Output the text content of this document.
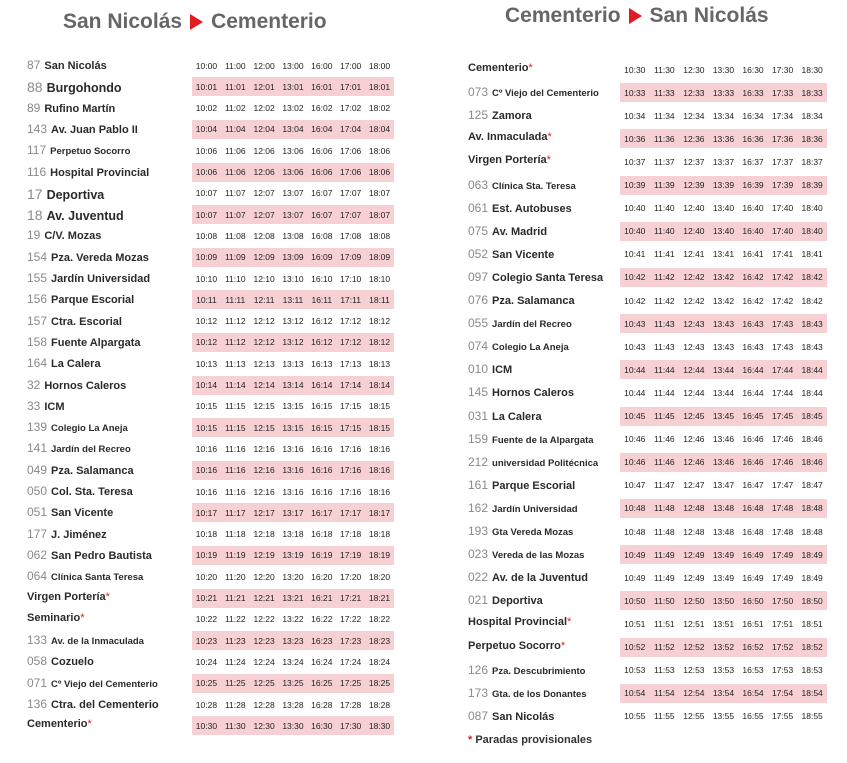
San Nicolás Cementerio	Cementerio San Nicolás
87 San Nicolás	10:00 11:00 12:00 13:00 16:00 17:00 18:00
88 Burgohondo	10:01 11:01 12:01 13:01 16:01 17:01 18:01
89 Rufino Martín	10:02 11:02 12:02 13:02 16:02 17:02 18:02
143 Av. Juan Pablo II	10:04 11:04 12:04 13:04 16:04 17:04 18:04
117 Perpetuo Socorro	10:06 11:06 12:06 13:06 16:06 17:06 18:06
116 Hospital Provincial	10:06 11:06 12:06 13:06 16:06 17:06 18:06
17 Deportiva	10:07 11:07 12:07 13:07 16:07 17:07 18:07
18 Av. Juventud	10:07 11:07 12:07 13:07 16:07 17:07 18:07
19 C/V. Mozas	10:08 11:08 12:08 13:08 16:08 17:08 18:08
154 Pza. Vereda Mozas	10:09 11:09 12:09 13:09 16:09 17:09 18:09
155 Jardín Universidad	10:10 11:10 12:10 13:10 16:10 17:10 18:10
156 Parque Escorial	10:11	11:11	12:11 13:11 16:11 17:11 18:11
157 Ctra. Escorial	10:12 11:12 12:12 13:12 16:12 17:12 18:12
158 Fuente Alpargata	10:12 11:12 12:12 13:12 16:12 17:12 18:12
164 La Calera	10:13 11:13 12:13 13:13 16:13 17:13 18:13
32 Hornos Caleros	10:14 11:14 12:14 13:14 16:14 17:14 18:14
33 ICM	10:15 11:15 12:15 13:15 16:15 17:15 18:15
139 Colegio La Aneja	10:15 11:15 12:15 13:15 16:15 17:15 18:15
141 Jardín del Recreo	10:16 11:16 12:16 13:16 16:16 17:16 18:16
049 Pza. Salamanca	10:16 11:16 12:16 13:16 16:16 17:16 18:16
050 Col. Sta. Teresa	10:16 11:16 12:16 13:16 16:16 17:16 18:16
051 San Vicente	10:17 11:17 12:17 13:17 16:17 17:17 18:17
177 J. Jiménez	10:18 11:18 12:18 13:18 16:18 17:18 18:18
062 San Pedro Bautista	10:19 11:19 12:19 13:19 16:19 17:19 18:19
064 Clínica Santa Teresa	10:20 11:20 12:20 13:20 16:20 17:20 18:20
Virgen Portería*	10:21 11:21 12:21 13:21 16:21 17:21 18:21
Seminario*	10:22 11:22 12:22 13:22 16:22 17:22 18:22
133 Av. de la Inmaculada	10:23 11:23 12:23 13:23 16:23 17:23 18:23
058 Cozuelo	10:24 11:24 12:24 13:24 16:24 17:24 18:24
071 Cº Viejo del Cementerio	10:25 11:25 12:25 13:25 16:25 17:25 18:25
136 Ctra. del Cementerio	10:28 11:28 12:28 13:28 16:28 17:28 18:28
Cementerio*	10:30 11:30 12:30 13:30 16:30 17:30 18:30
Cementerio*	10:30	11:30	12:30 13:30 16:30 17:30 18:30
073 Cº Viejo del Cementerio	10:33	11:33	12:33 13:33 16:33 17:33 18:33
125 Zamora	10:34	11:34	12:34 13:34 16:34 17:34 18:34
Av. Inmaculada*	10:36	11:36	12:36 13:36 16:36 17:36 18:36
Virgen Portería*	10:37	11:37	12:37 13:37 16:37 17:37 18:37
063 Clínica Sta. Teresa	10:39	11:39	12:39 13:39 16:39 17:39 18:39
061 Est. Autobuses	10:40	11:40	12:40 13:40 16:40 17:40 18:40
075 Av. Madrid	10:40	11:40	12:40 13:40 16:40 17:40 18:40
052 San Vicente	10:41	11:41	12:41 13:41 16:41 17:41 18:41
097 Colegio Santa Teresa	10:42	11:42	12:42 13:42 16:42 17:42 18:42
076 Pza. Salamanca	10:42	11:42	12:42 13:42 16:42 17:42 18:42
055 Jardín del Recreo	10:43	11:43	12:43 13:43 16:43 17:43 18:43
074 Colegio La Aneja	10:43	11:43	12:43 13:43 16:43 17:43 18:43
010 ICM	10:44	11:44	12:44 13:44 16:44 17:44 18:44
145 Hornos Caleros	10:44	11:44	12:44 13:44 16:44 17:44 18:44
031 La Calera	10:45	11:45	12:45 13:45 16:45 17:45 18:45
159 Fuente de la Alpargata	10:46	11:46	12:46 13:46 16:46 17:46 18:46
212 universidad Politécnica	10:46	11:46	12:46 13:46 16:46 17:46 18:46
161 Parque Escorial	10:47	11:47	12:47 13:47 16:47 17:47 18:47
162 Jardín Universidad	10:48	11:48	12:48 13:48 16:48 17:48 18:48
193 Gta Vereda Mozas	10:48	11:48	12:48 13:48 16:48 17:48 18:48
023 Vereda de las Mozas	10:49	11:49	12:49 13:49 16:49 17:49 18:49
022 Av. de la Juventud	10:49	11:49	12:49 13:49 16:49 17:49 18:49
021 Deportiva	10:50	11:50	12:50 13:50 16:50 17:50 18:50
Hospital Provincial*	10:51	11:51	12:51 13:51 16:51 17:51 18:51
Perpetuo Socorro*	10:52	11:52	12:52 13:52 16:52 17:52 18:52
126 Pza. Descubrimiento	10:53	11:53	12:53 13:53 16:53 17:53 18:53
173 Gta. de los Donantes	10:54	11:54	12:54 13:54 16:54 17:54 18:54
087 San Nicolás	10:55	11:55	12:55 13:55 16:55 17:55 18:55
* Paradas provisionales
